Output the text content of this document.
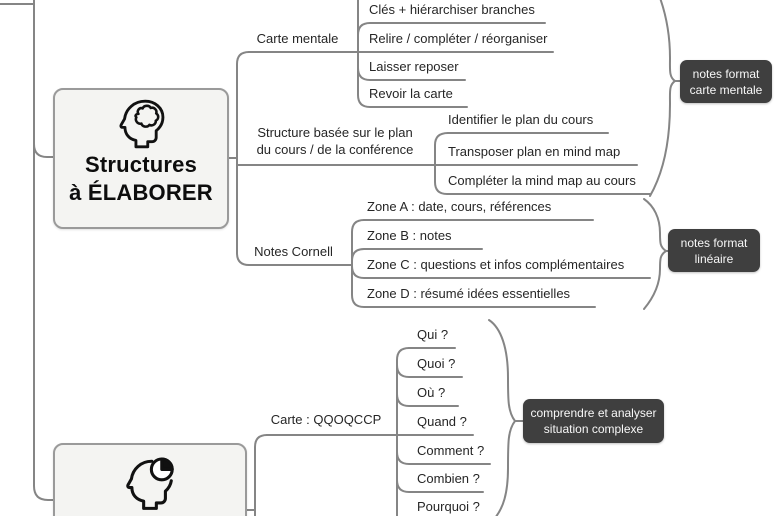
Structures
à ÉLABORER
Carte mentale
Structure basée sur le plan
du cours / de la conférence
Notes Cornell
Carte : QQOQCCP
Clés + hiérarchiser branches
Relire / compléter / réorganiser
Laisser reposer
Revoir la carte
Identifier le plan du cours
Transposer plan en mind map
Compléter la mind map au cours
Zone A : date, cours, références
Zone B : notes
Zone C : questions et infos complémentaires
Zone D : résumé idées essentielles
Qui ?
Quoi ?
Où ?
Quand ?
Comment ?
Combien ?
Pourquoi ?
notes format
carte mentale
notes format
linéaire
comprendre et analyser
situation complexe
